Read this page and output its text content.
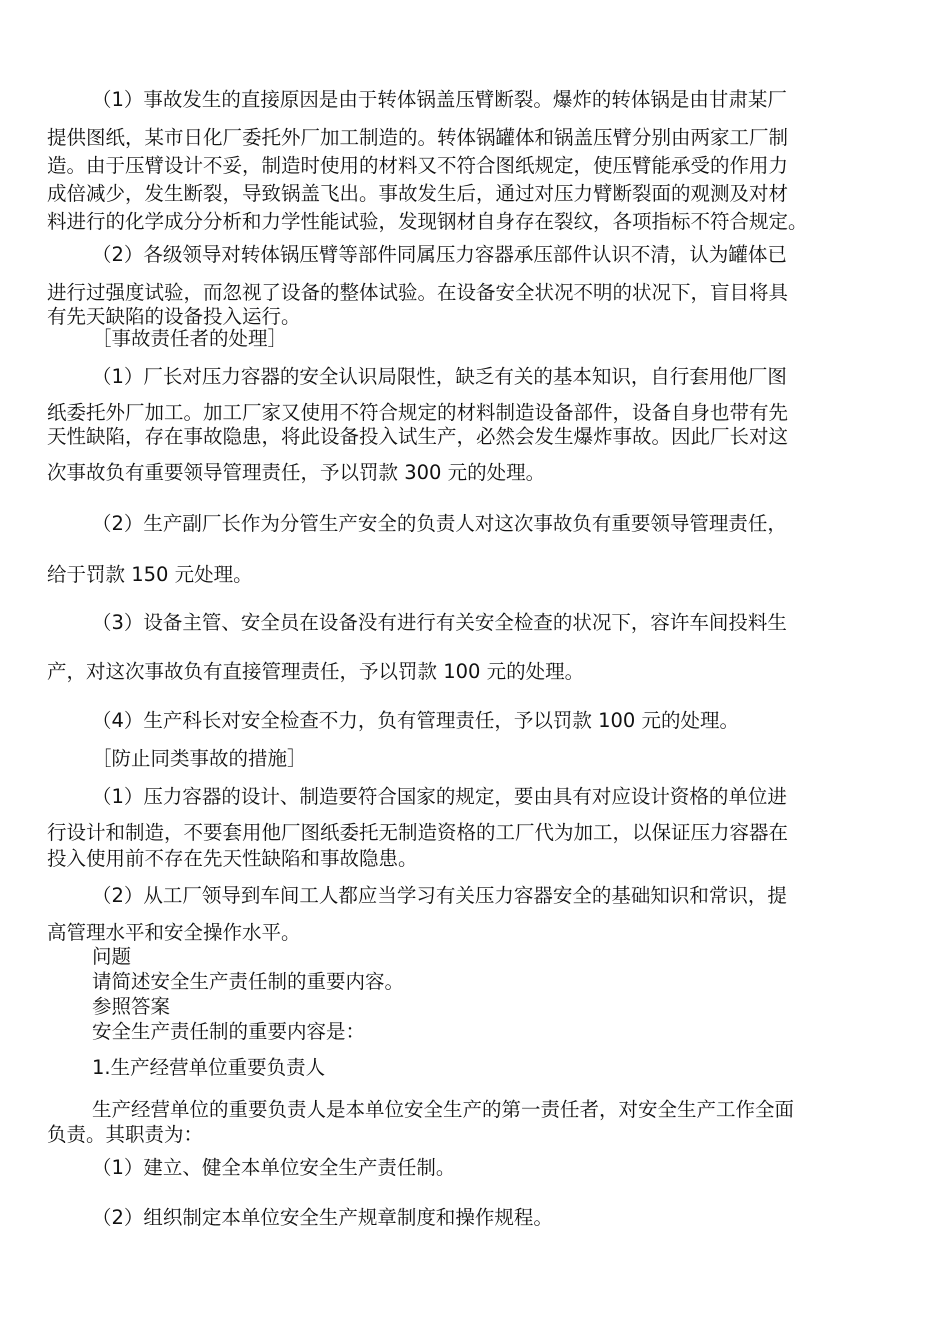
（1）事故发生的直接原因是由于转体锅盖压臂断裂。爆炸的转体锅是由甘肃某厂
提供图纸，某市日化厂委托外厂加工制造的。转体锅罐体和锅盖压臂分别由两家工厂制
造。由于压臂设计不妥，制造时使用的材料又不符合图纸规定，使压臂能承受的作用力
成倍减少，发生断裂，导致锅盖飞出。事故发生后，通过对压力臂断裂面的观测及对材
料进行的化学成分分析和力学性能试验，发现钢材自身存在裂纹，各项指标不符合规定。
（2）各级领导对转体锅压臂等部件同属压力容器承压部件认识不清，认为罐体已
进行过强度试验，而忽视了设备的整体试验。在设备安全状况不明的状况下，盲目将具
有先天缺陷的设备投入运行。
［事故责任者的处理］
（1）厂长对压力容器的安全认识局限性，缺乏有关的基本知识，自行套用他厂图
纸委托外厂加工。加工厂家又使用不符合规定的材料制造设备部件，设备自身也带有先
天性缺陷，存在事故隐患，将此设备投入试生产，必然会发生爆炸事故。因此厂长对这
次事故负有重要领导管理责任，予以罚款 300 元的处理。
（2）生产副厂长作为分管生产安全的负责人对这次事故负有重要领导管理责任，
给于罚款 150 元处理。
（3）设备主管、安全员在设备没有进行有关安全检查的状况下，容许车间投料生
产，对这次事故负有直接管理责任，予以罚款 100 元的处理。
（4）生产科长对安全检查不力，负有管理责任，予以罚款 100 元的处理。
［防止同类事故的措施］
（1）压力容器的设计、制造要符合国家的规定，要由具有对应设计资格的单位进
行设计和制造，不要套用他厂图纸委托无制造资格的工厂代为加工，以保证压力容器在
投入使用前不存在先天性缺陷和事故隐患。
（2）从工厂领导到车间工人都应当学习有关压力容器安全的基础知识和常识，提
高管理水平和安全操作水平。
问题
请简述安全生产责任制的重要内容。
参照答案
安全生产责任制的重要内容是：
1.生产经营单位重要负责人
生产经营单位的重要负责人是本单位安全生产的第一责任者，对安全生产工作全面
负责。其职责为：
（1）建立、健全本单位安全生产责任制。
（2）组织制定本单位安全生产规章制度和操作规程。
